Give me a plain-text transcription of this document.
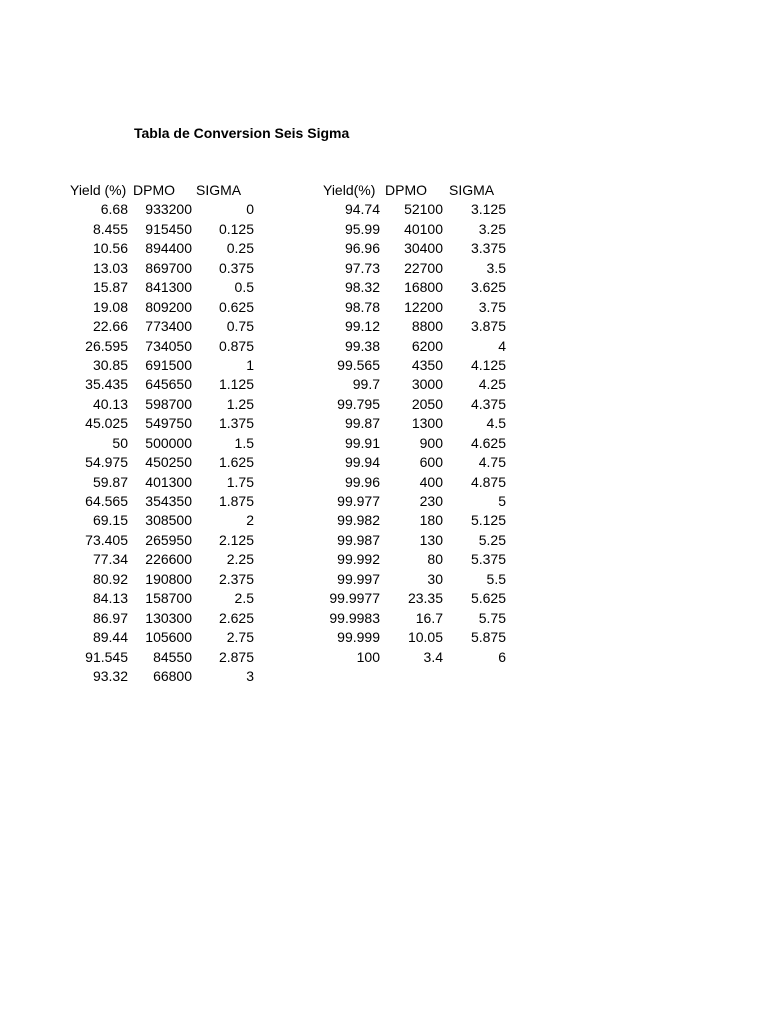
Tabla de Conversion Seis Sigma
Yield (%) DPMO	SIGMA
6.68	933200	0
8.455	915450	0.125
10.56	894400	0.25
13.03	869700	0.375
15.87	841300	0.5
19.08	809200	0.625
22.66	773400	0.75
26.595	734050	0.875
30.85	691500	1
35.435	645650	1.125
40.13	598700	1.25
45.025	549750	1.375
50	500000	1.5
54.975	450250	1.625
59.87	401300	1.75
64.565	354350	1.875
69.15	308500	2
73.405	265950	2.125
77.34	226600	2.25
80.92	190800	2.375
84.13	158700	2.5
86.97	130300	2.625
89.44	105600	2.75
91.545	84550	2.875
93.32	66800	3
Yield(%) DPMO SIGMA
94.74	52100	3.125
95.99	40100	3.25
96.96	30400	3.375
97.73	22700	3.5
98.32	16800	3.625
98.78	12200	3.75
99.12	8800	3.875
99.38	6200	4
99.565	4350	4.125
99.7	3000	4.25
99.795	2050	4.375
99.87	1300	4.5
99.91	900	4.625
99.94	600	4.75
99.96	400	4.875
99.977	230	5
99.982	180	5.125
99.987	130	5.25
99.992	80	5.375
99.997	30	5.5
99.9977	23.35	5.625
99.9983	16.7	5.75
99.999	10.05	5.875
100	3.4	6
